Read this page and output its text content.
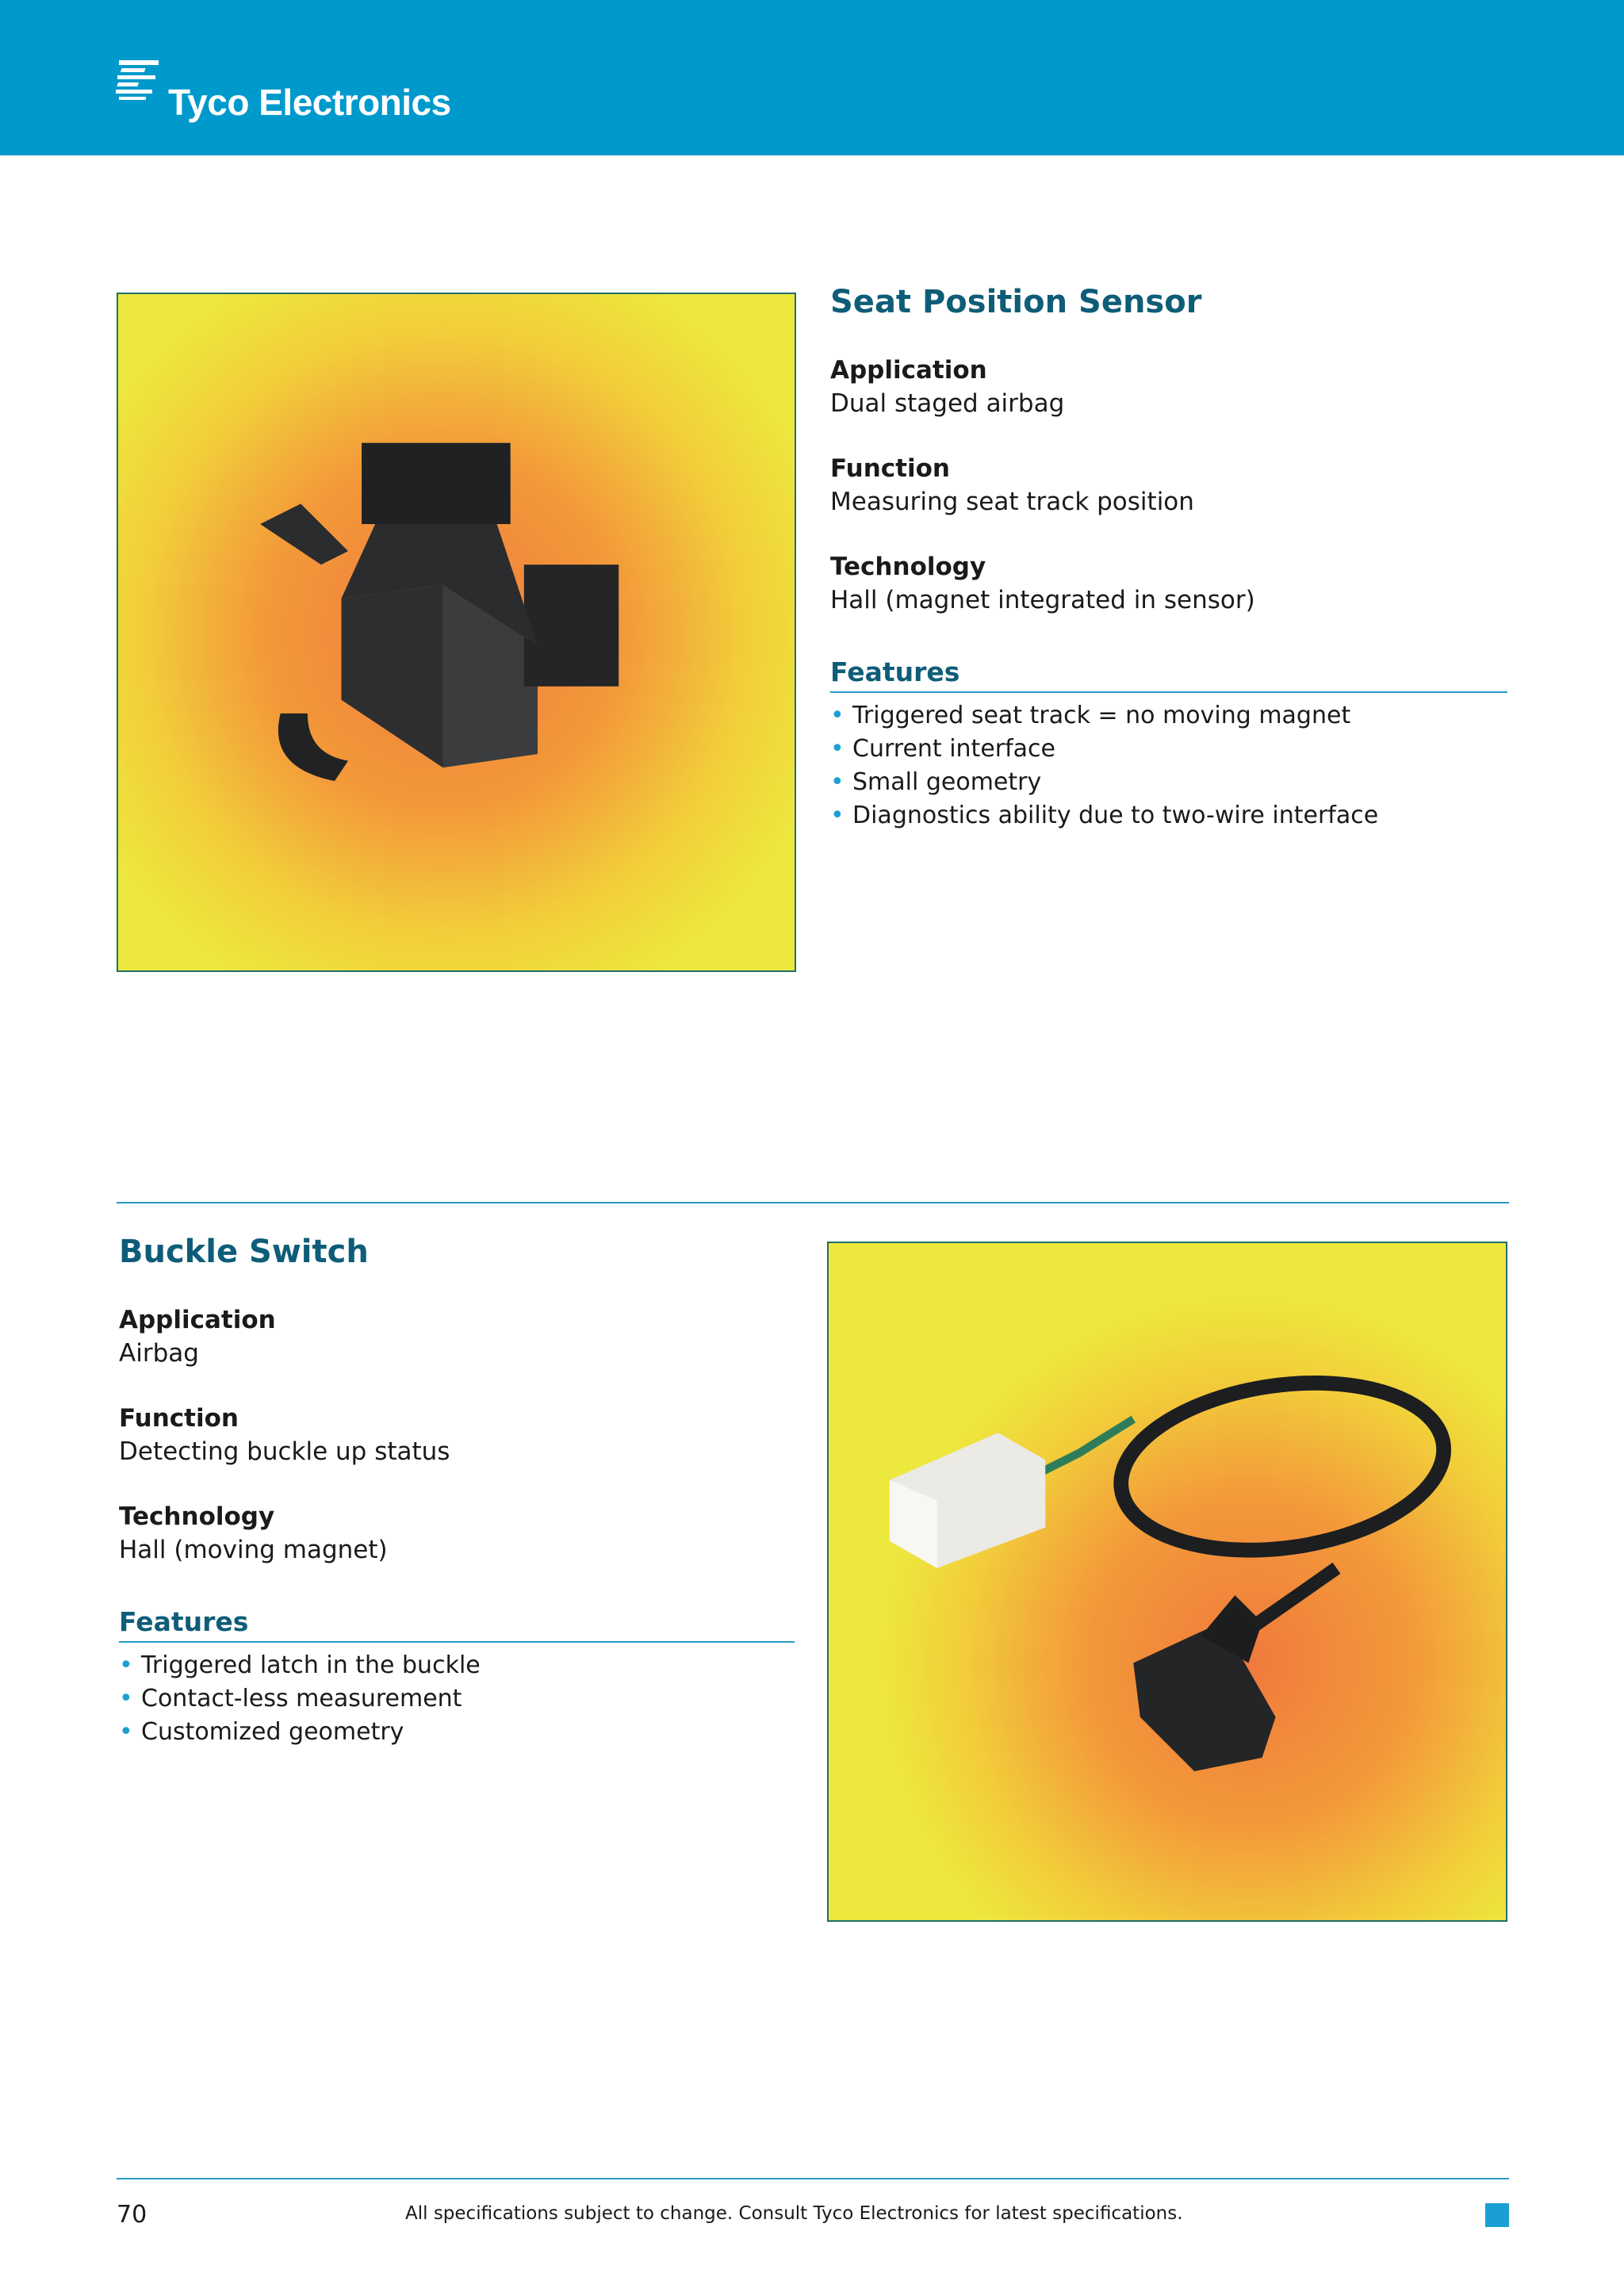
Tyco Electronics
Seat Position Sensor

Application

Dual staged airbag

Function

Measuring seat track position

Technology

Hall (magnet integrated in sensor)

Features
• Triggered seat track = no moving magnet
• Current interface
• Small geometry
• Diagnostics ability due to two-wire interface
Buckle Switch

Application

Airbag

Function

Detecting buckle up status

Technology

Hall (moving magnet)

Features
• Triggered latch in the buckle
• Contact-less measurement
• Customized geometry
70	All specifications subject to change. Consult Tyco Electronics for latest specifications.
